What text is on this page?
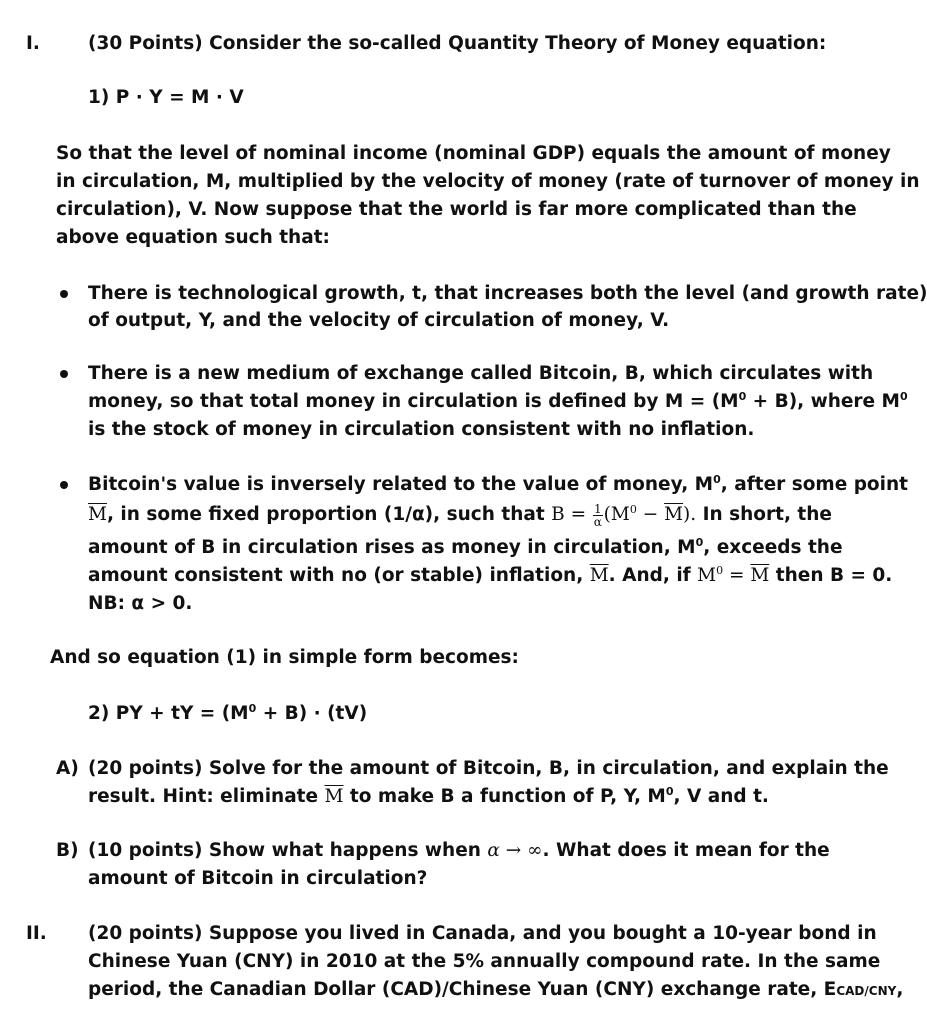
I.	(30 Points) Consider the so-called Quantity Theory of Money equation:
1) P · Y = M · V
So that the level of nominal income (nominal GDP) equals the amount of money
in circulation, M, multiplied by the velocity of money (rate of turnover of money in
circulation), V. Now suppose that the world is far more complicated than the
above equation such that:
There is technological growth, t, that increases both the level (and growth rate)
of output, Y, and the velocity of circulation of money, V.
There is a new medium of exchange called Bitcoin, B, which circulates with
money, so that total money in circulation is defined by $M = (M^0 + B)$, where $M^0$
is the stock of money in circulation consistent with no inflation.
Bitcoin's value is inversely related to the value of money, $M^0$, after some point
$\overline{M}$, in some fixed proportion (1/α), such that $B = \frac{1}{\alpha} (M^0 - \overline{M})$. In short, the
amount of B in circulation rises as money in circulation, $M^0$, exceeds the
amount consistent with no (or stable) inflation, $\overline{M}$. And, if $M^0 = \overline{M}$ then B = 0.
NB: α > 0.
And so equation (1) in simple form becomes:
2) PY + tY = $(M^0 + B) \cdot (tV)$
A) (20 points) Solve for the amount of Bitcoin, B, in circulation, and explain the
result. Hint: eliminate $\overline{M}$ to make B a function of P, Y, $M^0$, V and t.
B) (10 points) Show what happens when α → ∞. What does it mean for the
amount of Bitcoin in circulation?
II. (20 points) Suppose you lived in Canada, and you bought a 10-year bond in
Chinese Yuan (CNY) in 2010 at the 5% annually compound rate. In the same
period, the Canadian Dollar (CAD)/Chinese Yuan (CNY) exchange rate, ECAD/CNY,
